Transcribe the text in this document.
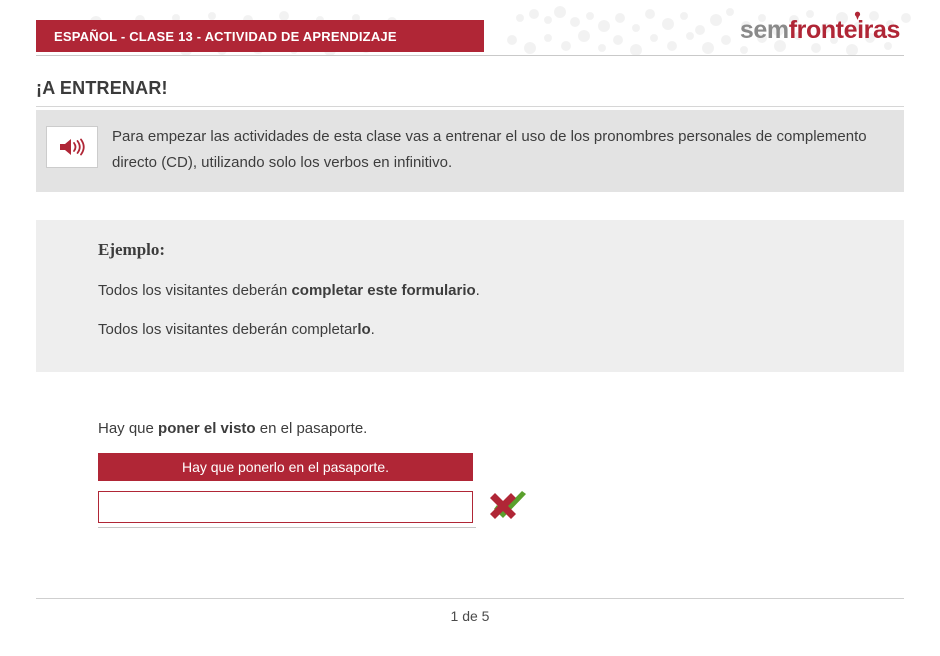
ESPAÑOL - CLASE 13 - ACTIVIDAD DE APRENDIZAJE	semfronteiras
¡A ENTRENAR!
Para empezar las actividades de esta clase vas a entrenar el uso de los pronombres personales de complemento directo (CD), utilizando solo los verbos en infinitivo.
Ejemplo:
Todos los visitantes deberán completar este formulario.
Todos los visitantes deberán completarlo.
Hay que poner el visto en el pasaporte.
Hay que ponerlo en el pasaporte.
1 de 5
